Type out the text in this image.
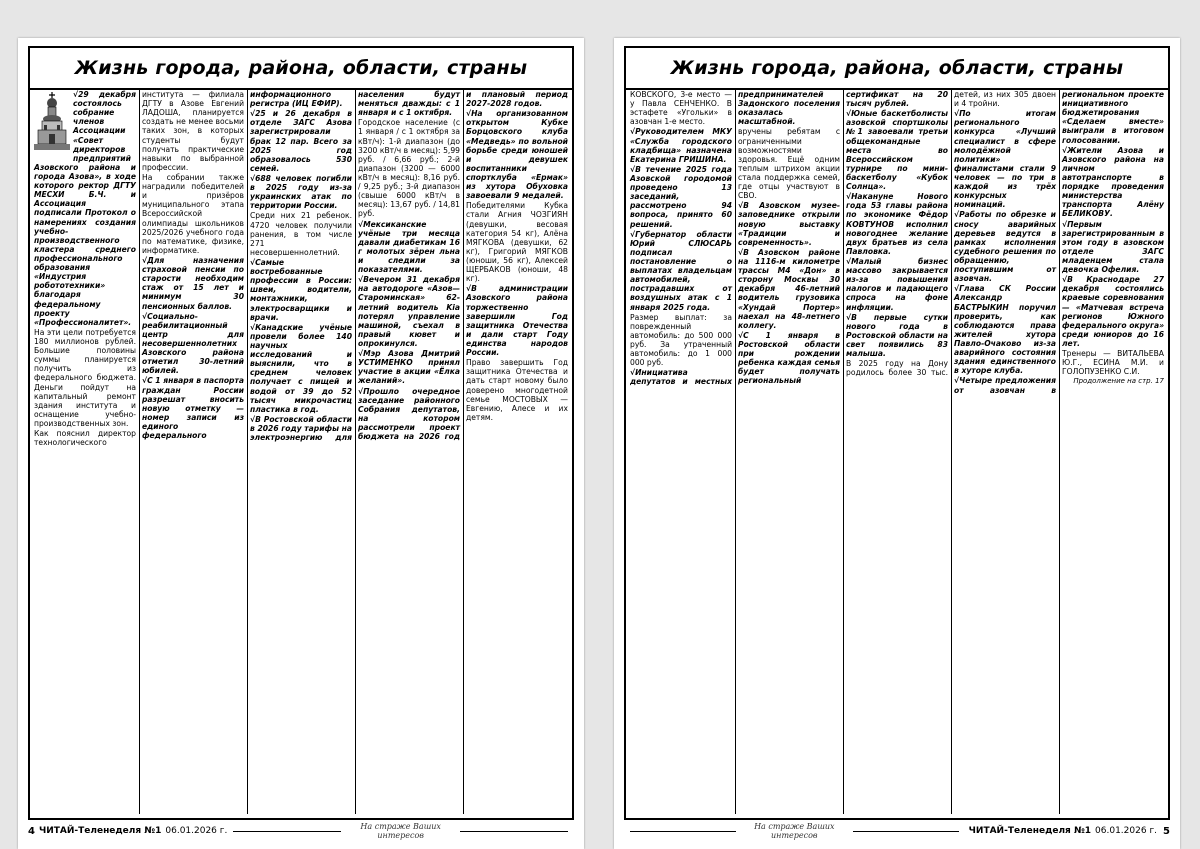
Жизнь города, района, области, страны

√29 декабря состоялось собрание членов Ассоциации «Совет директоров предприятий Азовского района и города Азова», в ходе которого ректор ДГТУ МЕСХИ Б.Ч. и Ассоциация подписали Протокол о намерениях создания учебно-производственного кластера среднего профессионального образования «Индустрия робототехники» благодаря федеральному проекту «Профессионалитет».

На эти цели потребуется 180 миллионов рублей. Большие половины суммы планируется получить из федерального бюджета. Деньги пойдут на капитальный ремонт здания института и оснащение учебно-производственных зон.

Как пояснил директор технологического института — филиала ДГТУ в Азове Евгений ЛАДОША, планируется создать не менее восьми таких зон, в которых студенты будут получать практические навыки по выбранной профессии.

На собрании также наградили победителей и призёров муниципального этапа Всероссийской олимпиады школьников 2025/2026 учебного года по математике, физике, информатике.

√Для назначения страховой пенсии по старости необходим стаж от 15 лет и минимум 30 пенсионных баллов.

√Социально-реабилитационный центр для несовершеннолетних Азовского района отметил 30-летний юбилей.

√С 1 января в паспорта граждан России разрешат вносить новую отметку — номер записи из единого федерального информационного регистра (ИЦ ЕФИР).

√25 и 26 декабря в отделе ЗАГС Азова зарегистрировали брак 12 пар. Всего за 2025 год образовалось 530 семей.

√688 человек погибли в 2025 году из-за украинских атак по территории России.

Среди них 21 ребенок. 4720 человек получили ранения, в том числе 271 несовершеннолетний.

√Самые востребованные профессии в России: швеи, водители, монтажники, электросварщики и врачи.

√Канадские учёные провели более 140 научных исследований и выяснили, что в среднем человек получает с пищей и водой от 39 до 52 тысяч микрочастиц пластика в год.

√В Ростовской области в 2026 году тарифы на электроэнергию для населения будут меняться дважды: с 1 января и с 1 октября.

Городское население (с 1 января / с 1 октября за кВт/ч): 1-й диапазон (до 3200 кВт/ч в месяц): 5,99 руб. / 6,66 руб.; 2-й диапазон (3200 — 6000 кВт/ч в месяц): 8,16 руб. / 9,25 руб.; 3-й диапазон (свыше 6000 кВт/ч в месяц): 13,67 руб. / 14,81 руб.

√Мексиканские учёные три месяца давали диабетикам 16 г молотых зёрен льна и следили за показателями.

√Вечером 31 декабря на автодороге «Азов—Староминская» 62-летний водитель Kia потерял управление машиной, съехал в правый кювет и опрокинулся.

√Мэр Азова Дмитрий УСТИМЕНКО принял участие в акции «Ёлка желаний».

√Прошло очередное заседание районного Собрания депутатов, на котором рассмотрели проект бюджета на 2026 год и плановый период 2027-2028 годов.

√На организованном открытом Кубке Борцовского клуба «Медведь» по вольной борьбе среди юношей и девушек воспитанники спортклуба «Ермак» из хутора Обуховка завоевали 9 медалей.

Победителями Кубка стали Агния ЧОЗГИЯН (девушки, весовая категория 54 кг), Алёна МЯГКОВА (девушки, 62 кг), Григорий МЯГКОВ (юноши, 56 кг), Алексей ЩЕРБАКОВ (юноши, 48 кг).

√В администрации Азовского района торжественно завершили Год защитника Отечества и дали старт Году единства народов России.

Право завершить Год защитника Отечества и дать старт новому было доверено многодетной семье МОСТОВЫХ — Евгению, Алесе и их детям.

4 ЧИТАЙ-Теленеделя №1 06.01.2026 г.	На страже Ваших интересов
Жизнь города, района, области, страны

КОВСКОГО, 3-е место — у Павла СЕНЧЕНКО. В эстафете «Угольки» в азовчан 1-е место.

√Руководителем МКУ «Служба городского кладбища» назначена Екатерина ГРИШИНА.

√В течение 2025 года Азовской городомой проведено 13 заседаний, рассмотрено 94 вопроса, принято 60 решений.

√Губернатор области Юрий СЛЮСАРЬ подписал постановление о выплатах владельцам автомобилей, пострадавших от воздушных атак с 1 января 2025 года.

Размер выплат: за поврежденный автомобиль: до 500 000 руб. За утраченный автомобиль: до 1 000 000 руб.

√Инициатива депутатов и местных предпринимателей Задонского поселения оказалась масштабной.

вручены ребятам с ограниченными возможностями здоровья. Ещё одним теплым штрихом акции стала поддержка семей, где отцы участвуют в СВО.

√В Азовском музее-заповеднике открыли новую выставку «Традиции и современность».

√В Азовском районе на 1116-м километре трассы М4 «Дон» в сторону Москвы 30 декабря 46-летний водитель грузовика «Хундай Портер» наехал на 48-летнего коллегу.

√С 1 января в Ростовской области при рождении ребенка каждая семья будет получать региональный сертификат на 20 тысяч рублей.

√Юные баскетболисты азовской спортшколы №1 завоевали третьи общекомандные места во Всероссийском турнире по мини-баскетболу «Кубок Солнца».

√Накануне Нового года 53 главы района по экономике Фёдор КОВТУНОВ исполнил новогоднее желание двух братьев из села Павловка.

√Малый бизнес массово закрывается из-за повышения налогов и падающего спроса на фоне инфляции.

√В первые сутки нового года в Ростовской области на свет появились 83 малыша.

В 2025 году на Дону родилось более 30 тыс. детей, из них 305 двоен и 4 тройни.

√По итогам регионального конкурса «Лучший специалист в сфере молодёжной политики» финалистами стали 9 человек — по три в каждой из трёх конкурсных номинаций.

√Работы по обрезке и сносу аварийных деревьев ведутся в рамках исполнения судебного решения по обращению, поступившим от азовчан.

√Глава СК России Александр БАСТРЫКИН поручил проверить, как соблюдаются права жителей хутора Павло-Очаково из-за аварийного состояния здания единственного в хуторе клуба.

√Четыре предложения от азовчан в региональном проекте инициативного бюджетирования «Сделаем вместе» выиграли в итоговом голосовании.

√Жители Азова и Азовского района на личном автотранспорте в порядке проведения министерства транспорта Алёну БЕЛИКОВУ.

√Первым зарегистрированным в этом году в азовском отделе ЗАГС младенцем стала девочка Офелия.

√В Краснодаре 27 декабря состоялись краевые соревнования — «Матчевая встреча регионов Южного федерального округа» среди юниоров до 16 лет.

Тренеры — ВИТАЛЬЕВА Ю.Г., ЕСИНА М.И. и ГОЛОПУЗЕНКО С.И.

Продолжение на стр. 17

На страже Ваших интересов	ЧИТАЙ-Теленеделя №1 06.01.2026 г. 5
